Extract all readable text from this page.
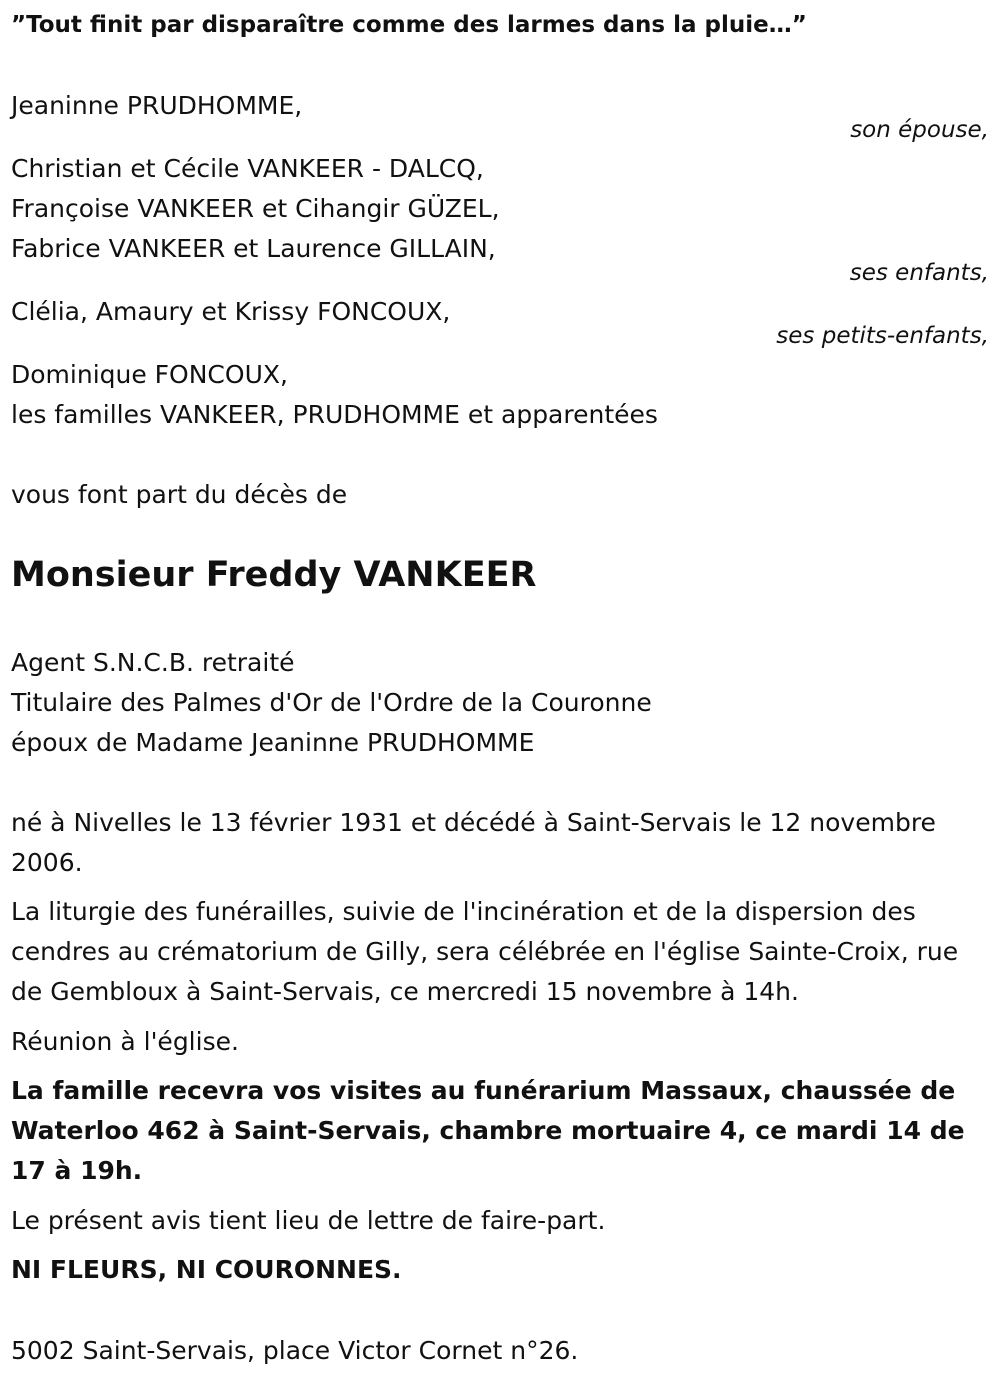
”Tout finit par disparaître comme des larmes dans la pluie…”
Jeaninne PRUDHOMME,
son épouse,
Christian et Cécile VANKEER - DALCQ,
Françoise VANKEER et Cihangir GÜZEL,
Fabrice VANKEER et Laurence GILLAIN,
ses enfants,
Clélia, Amaury et Krissy FONCOUX,
ses petits-enfants,
Dominique FONCOUX,
les familles VANKEER, PRUDHOMME et apparentées
vous font part du décès de
Monsieur Freddy VANKEER
Agent S.N.C.B. retraité
Titulaire des Palmes d'Or de l'Ordre de la Couronne
époux de Madame Jeaninne PRUDHOMME
né à Nivelles le 13 février 1931 et décédé à Saint-Servais le 12 novembre 2006.
La liturgie des funérailles, suivie de l'incinération et de la dispersion des cendres au crématorium de Gilly, sera célébrée en l'église Sainte-Croix, rue de Gembloux à Saint-Servais, ce mercredi 15 novembre à 14h.
Réunion à l'église.
La famille recevra vos visites au funérarium Massaux, chaussée de Waterloo 462 à Saint-Servais, chambre mortuaire 4, ce mardi 14 de 17 à 19h.
Le présent avis tient lieu de lettre de faire-part.
NI FLEURS, NI COURONNES.
5002 Saint-Servais, place Victor Cornet n°26.
